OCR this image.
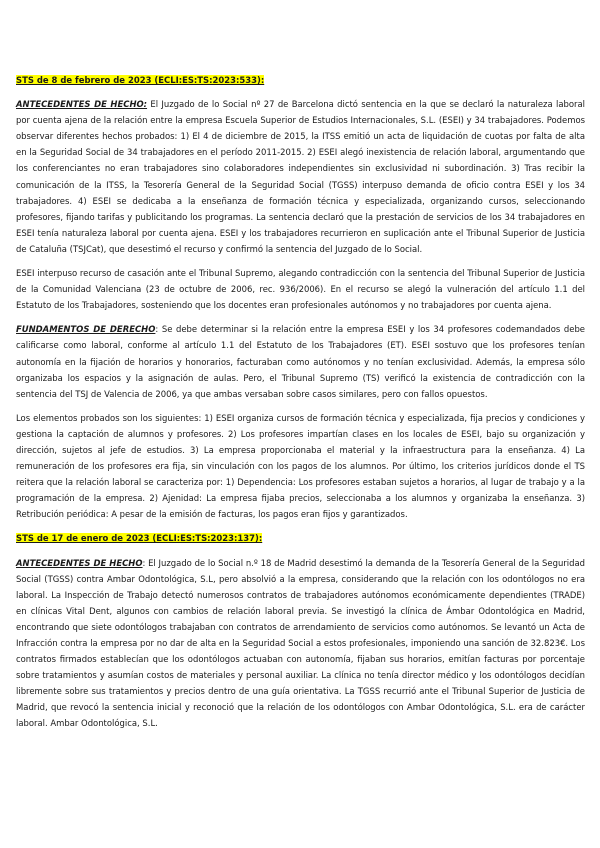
STS de 8 de febrero de 2023 (ECLI:ES:TS:2023:533):

ANTECEDENTES DE HECHO: El Juzgado de lo Social nº 27 de Barcelona dictó sentencia en la que se declaró la naturaleza laboral por cuenta ajena de la relación entre la empresa Escuela Superior de Estudios Internacionales, S.L. (ESEI) y 34 trabajadores. Podemos observar diferentes hechos probados: 1) El 4 de diciembre de 2015, la ITSS emitió un acta de liquidación de cuotas por falta de alta en la Seguridad Social de 34 trabajadores en el período 2011-2015. 2) ESEI alegó inexistencia de relación laboral, argumentando que los conferenciantes no eran trabajadores sino colaboradores independientes sin exclusividad ni subordinación. 3) Tras recibir la comunicación de la ITSS, la Tesorería General de la Seguridad Social (TGSS) interpuso demanda de oficio contra ESEI y los 34 trabajadores. 4) ESEI se dedicaba a la enseñanza de formación técnica y especializada, organizando cursos, seleccionando profesores, fijando tarifas y publicitando los programas. La sentencia declaró que la prestación de servicios de los 34 trabajadores en ESEI tenía naturaleza laboral por cuenta ajena. ESEI y los trabajadores recurrieron en suplicación ante el Tribunal Superior de Justicia de Cataluña (TSJCat), que desestimó el recurso y confirmó la sentencia del Juzgado de lo Social.

ESEI interpuso recurso de casación ante el Tribunal Supremo, alegando contradicción con la sentencia del Tribunal Superior de Justicia de la Comunidad Valenciana (23 de octubre de 2006, rec. 936/2006). En el recurso se alegó la vulneración del artículo 1.1 del Estatuto de los Trabajadores, sosteniendo que los docentes eran profesionales autónomos y no trabajadores por cuenta ajena.

FUNDAMENTOS DE DERECHO: Se debe determinar si la relación entre la empresa ESEI y los 34 profesores codemandados debe calificarse como laboral, conforme al artículo 1.1 del Estatuto de los Trabajadores (ET). ESEI sostuvo que los profesores tenían autonomía en la fijación de horarios y honorarios, facturaban como autónomos y no tenían exclusividad. Además, la empresa sólo organizaba los espacios y la asignación de aulas. Pero, el Tribunal Supremo (TS) verificó la existencia de contradicción con la sentencia del TSJ de Valencia de 2006, ya que ambas versaban sobre casos similares, pero con fallos opuestos.

Los elementos probados son los siguientes: 1) ESEI organiza cursos de formación técnica y especializada, fija precios y condiciones y gestiona la captación de alumnos y profesores. 2) Los profesores impartían clases en los locales de ESEI, bajo su organización y dirección, sujetos al jefe de estudios. 3) La empresa proporcionaba el material y la infraestructura para la enseñanza. 4) La remuneración de los profesores era fija, sin vinculación con los pagos de los alumnos. Por último, los criterios jurídicos donde el TS reitera que la relación laboral se caracteriza por: 1) Dependencia: Los profesores estaban sujetos a horarios, al lugar de trabajo y a la programación de la empresa. 2) Ajenidad: La empresa fijaba precios, seleccionaba a los alumnos y organizaba la enseñanza. 3) Retribución periódica: A pesar de la emisión de facturas, los pagos eran fijos y garantizados.

STS de 17 de enero de 2023 (ECLI:ES:TS:2023:137):

ANTECEDENTES DE HECHO: El Juzgado de lo Social n.º 18 de Madrid desestimó la demanda de la Tesorería General de la Seguridad Social (TGSS) contra Ambar Odontológica, S.L, pero absolvió a la empresa, considerando que la relación con los odontólogos no era laboral. La Inspección de Trabajo detectó numerosos contratos de trabajadores autónomos económicamente dependientes (TRADE) en clínicas Vital Dent, algunos con cambios de relación laboral previa. Se investigó la clínica de Ámbar Odontológica en Madrid, encontrando que siete odontólogos trabajaban con contratos de arrendamiento de servicios como autónomos. Se levantó un Acta de Infracción contra la empresa por no dar de alta en la Seguridad Social a estos profesionales, imponiendo una sanción de 32.823€. Los contratos firmados establecían que los odontólogos actuaban con autonomía, fijaban sus horarios, emitían facturas por porcentaje sobre tratamientos y asumían costos de materiales y personal auxiliar. La clínica no tenía director médico y los odontólogos decidían libremente sobre sus tratamientos y precios dentro de una guía orientativa. La TGSS recurrió ante el Tribunal Superior de Justicia de Madrid, que revocó la sentencia inicial y reconoció que la relación de los odontólogos con Ambar Odontológica, S.L. era de carácter laboral. Ambar Odontológica, S.L.
